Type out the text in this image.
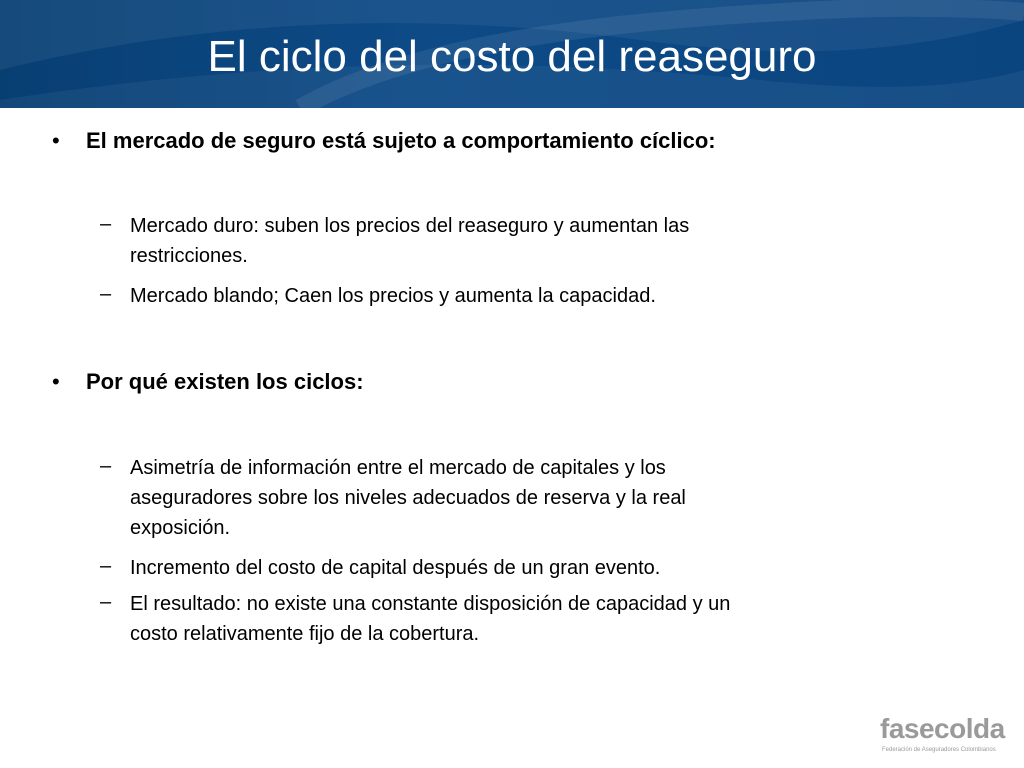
El ciclo del costo del reaseguro
• El mercado de seguro está sujeto a comportamiento cíclico:
– Mercado duro: suben los precios del reaseguro y aumentan las
restricciones.
– Mercado blando; Caen los precios y aumenta la capacidad.
• Por qué existen los ciclos:
– Asimetría de información entre el mercado de capitales y los
aseguradores sobre los niveles adecuados de reserva y la real
exposición.
– Incremento del costo de capital después de un gran evento.
– El resultado: no existe una constante disposición de capacidad y un
costo relativamente fijo de la cobertura.
fasecolda
Federación de Aseguradores Colombianos
